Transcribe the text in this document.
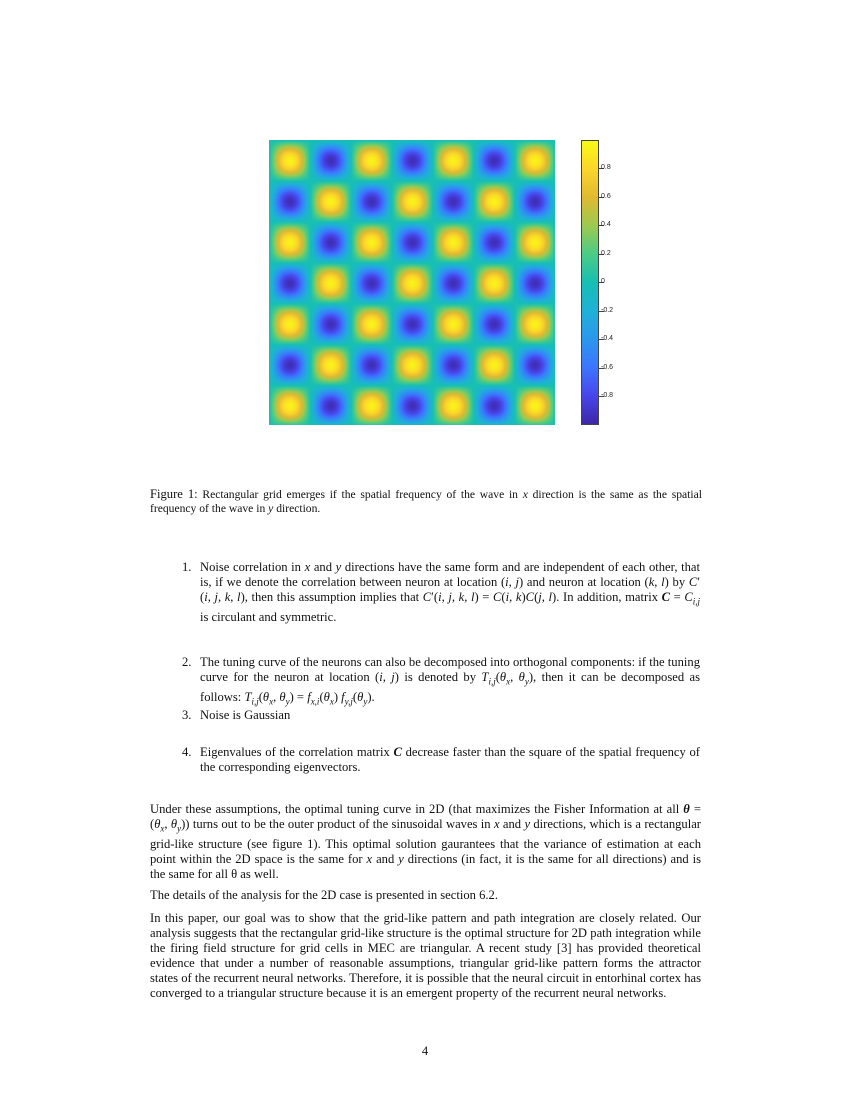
0.8
0.6
0.4
0.2
0
-0.2
-0.4
-0.6
-0.8
Figure 1: Rectangular grid emerges if the spatial frequency of the wave in x direction is the same as the spatial frequency of the wave in y direction.
1. Noise correlation in x and y directions have the same form and are independent of each other, that is, if we denote the correlation between neuron at location (i, j) and neuron at location (k, l) by C′(i, j, k, l), then this assumption implies that C′(i, j, k, l) = C(i, k)C(j, l). In addition, matrix $C = C_{i,j}$ is circulant and symmetric.
2. The tuning curve of the neurons can also be decomposed into orthogonal components: if the tuning curve for the neuron at location (i, j) is denoted by $T_{i,j}(\theta_x$, $\theta_y$), then it can be decomposed as follows: $T_{i,j}(\theta_x$, $\theta_y) = f_{x,i}(\theta_x)$ $f_{y,j}(\theta_y)$.
3. Noise is Gaussian
4. Eigenvalues of the correlation matrix C decrease faster than the square of the spatial frequency of the corresponding eigenvectors.

Under these assumptions, the optimal tuning curve in 2D (that maximizes the Fisher Information at all $\theta = (\theta_x$, $\theta_y$)) turns out to be the outer product of the sinusoidal waves in x and y directions, which is a rectangular grid-like structure (see figure 1). This optimal solution gaurantees that the variance of estimation at each point within the 2D space is the same for x and y directions (in fact, it is the same for all directions) and is the same for all θ as well.

The details of the analysis for the 2D case is presented in section 6.2.

In this paper, our goal was to show that the grid-like pattern and path integration are closely related. Our analysis suggests that the rectangular grid-like structure is the optimal structure for 2D path integration while the firing field structure for grid cells in MEC are triangular. A recent study [3] has provided theoretical evidence that under a number of reasonable assumptions, triangular grid-like pattern forms the attractor states of the recurrent neural networks. Therefore, it is possible that the neural circuit in entorhinal cortex has converged to a triangular structure because it is an emergent property of the recurrent neural networks.

4
